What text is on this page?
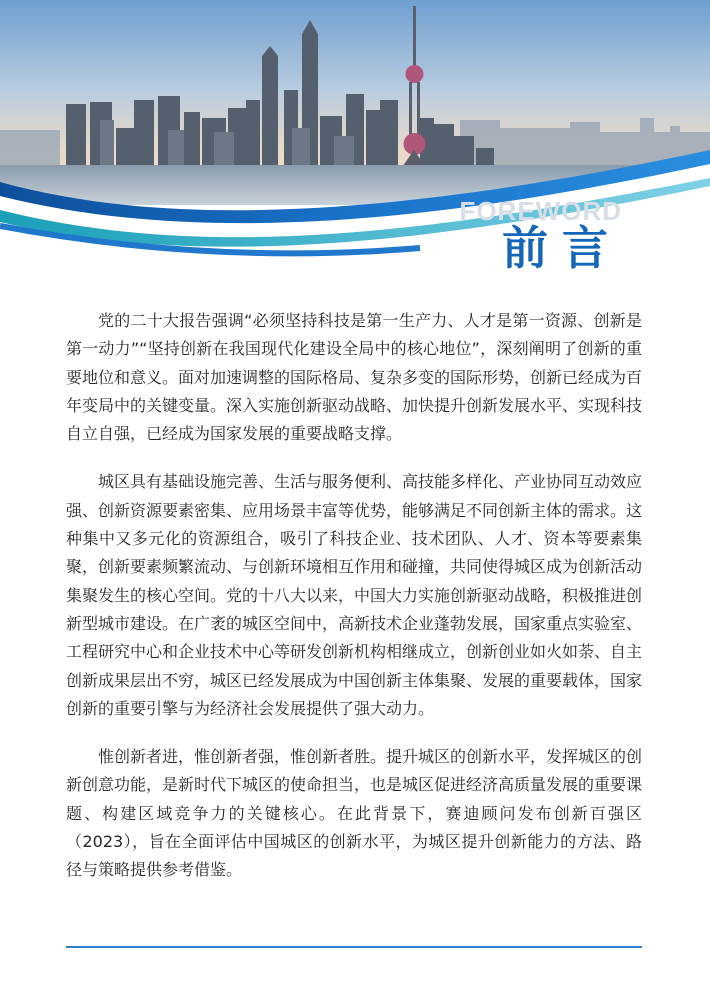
FOREWORD
前言

党的二十大报告强调“必须坚持科技是第一生产力、人才是第一资源、创新是第一动力”“坚持创新在我国现代化建设全局中的核心地位”，深刻阐明了创新的重要地位和意义。面对加速调整的国际格局、复杂多变的国际形势，创新已经成为百年变局中的关键变量。深入实施创新驱动战略、加快提升创新发展水平、实现科技自立自强，已经成为国家发展的重要战略支撑。

城区具有基础设施完善、生活与服务便利、高技能多样化、产业协同互动效应强、创新资源要素密集、应用场景丰富等优势，能够满足不同创新主体的需求。这种集中又多元化的资源组合，吸引了科技企业、技术团队、人才、资本等要素集聚，创新要素频繁流动、与创新环境相互作用和碰撞，共同使得城区成为创新活动集聚发生的核心空间。党的十八大以来，中国大力实施创新驱动战略，积极推进创新型城市建设。在广袤的城区空间中，高新技术企业蓬勃发展，国家重点实验室、工程研究中心和企业技术中心等研发创新机构相继成立，创新创业如火如荼、自主创新成果层出不穷，城区已经发展成为中国创新主体集聚、发展的重要载体，国家创新的重要引擎与为经济社会发展提供了强大动力。

惟创新者进，惟创新者强，惟创新者胜。提升城区的创新水平，发挥城区的创新创意功能，是新时代下城区的使命担当，也是城区促进经济高质量发展的重要课题、构建区域竞争力的关键核心。在此背景下，赛迪顾问发布创新百强区（2023），旨在全面评估中国城区的创新水平，为城区提升创新能力的方法、路径与策略提供参考借鉴。
